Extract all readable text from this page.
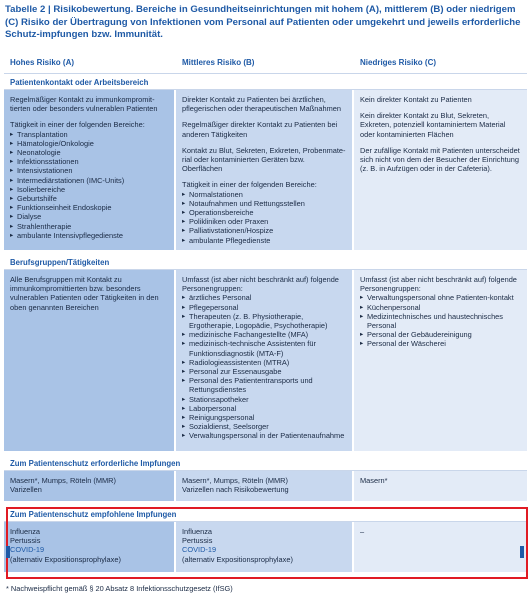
Tabelle 2 | Risikobewertung. Bereiche in Gesundheitseinrichtungen mit hohem (A), mittlerem (B) oder niedrigem (C) Risiko der Übertragung von Infektionen vom Personal auf Patienten oder umgekehrt und jeweils erforderliche Schutz-impfungen bzw. Immunität.
Hohes Risiko (A)	Mittleres Risiko (B)	Niedriges Risiko (C)
Patientenkontakt oder Arbeitsbereich
Regelmäßiger Kontakt zu immunkompromit-tierten oder besonders vulnerablen Patienten
Tätigkeit in einer der folgenden Bereiche:
▸ Transplantation
▸ Hämatologie/Onkologie
▸ Neonatologie
▸ Infektionsstationen
▸ Intensivstationen
▸ Intermediärstationen (IMC-Units)
▸ Isolierbereiche
▸ Geburtshilfe
▸ Funktionseinheit Endoskopie
▸ Dialyse
▸ Strahlentherapie
▸ ambulante Intensivpflegedienste
Direkter Kontakt zu Patienten bei ärztlichen, pflegerischen oder therapeutischen Maßnahmen
Regelmäßiger direkter Kontakt zu Patienten bei anderen Tätigkeiten
Kontakt zu Blut, Sekreten, Exkreten, Probenmate-rial oder kontaminierten Geräten bzw. Oberflächen
Tätigkeit in einer der folgenden Bereiche:
▸ Normalstationen
▸ Notaufnahmen und Rettungsstellen
▸ Operationsbereiche
▸ Polikliniken oder Praxen
▸ Palliativstationen/Hospize
▸ ambulante Pflegedienste
Kein direkter Kontakt zu Patienten
Kein direkter Kontakt zu Blut, Sekreten, Exkreten, potenziell kontaminiertem Material oder kontaminierten Flächen
Der zufällige Kontakt mit Patienten unterscheidet sich nicht von dem der Besucher der Einrichtung (z. B. in Aufzügen oder in der Cafeteria).
Berufsgruppen/Tätigkeiten
Alle Berufsgruppen mit Kontakt zu immunkompromittierten bzw. besonders vulnerablen Patienten oder Tätigkeiten in den oben genannten Bereichen
Umfasst (ist aber nicht beschränkt auf) folgende Personengruppen:
▸ ärztliches Personal
▸ Pflegepersonal
▸ Therapeuten (z. B. Physiotherapie, Ergotherapie, Logopädie, Psychotherapie)
▸ medizinische Fachangestellte (MFA)
▸ medizinisch-technische Assistenten für Funktionsdiagnostik (MTA-F)
▸ Radiologieassistenten (MTRA)
▸ Personal zur Essenausgabe
▸ Personal des Patiententransports und Rettungsdienstes
▸ Stationsapotheker
▸ Laborpersonal
▸ Reinigungspersonal
▸ Sozialdienst, Seelsorger
▸ Verwaltungspersonal in der Patientenaufnahme
Umfasst (ist aber nicht beschränkt auf) folgende Personengruppen:
▸ Verwaltungspersonal ohne Patienten-kontakt
▸ Küchenpersonal
▸ Medizintechnisches und haustechnisches Personal
▸ Personal der Gebäudereinigung
▸ Personal der Wäscherei
Zum Patientenschutz erforderliche Impfungen
Masern*, Mumps, Röteln (MMR)
Varizellen
Masern*, Mumps, Röteln (MMR)
Varizellen nach Risikobewertung
Masern*
Zum Patientenschutz empfohlene Impfungen
Influenza
Pertussis
COVID-19
(alternativ Expositionsprophylaxe)
Influenza
Pertussis
COVID-19
(alternativ Expositionsprophylaxe)
–
* Nachweispflicht gemäß § 20 Absatz 8 Infektionsschutzgesetz (IfSG)
